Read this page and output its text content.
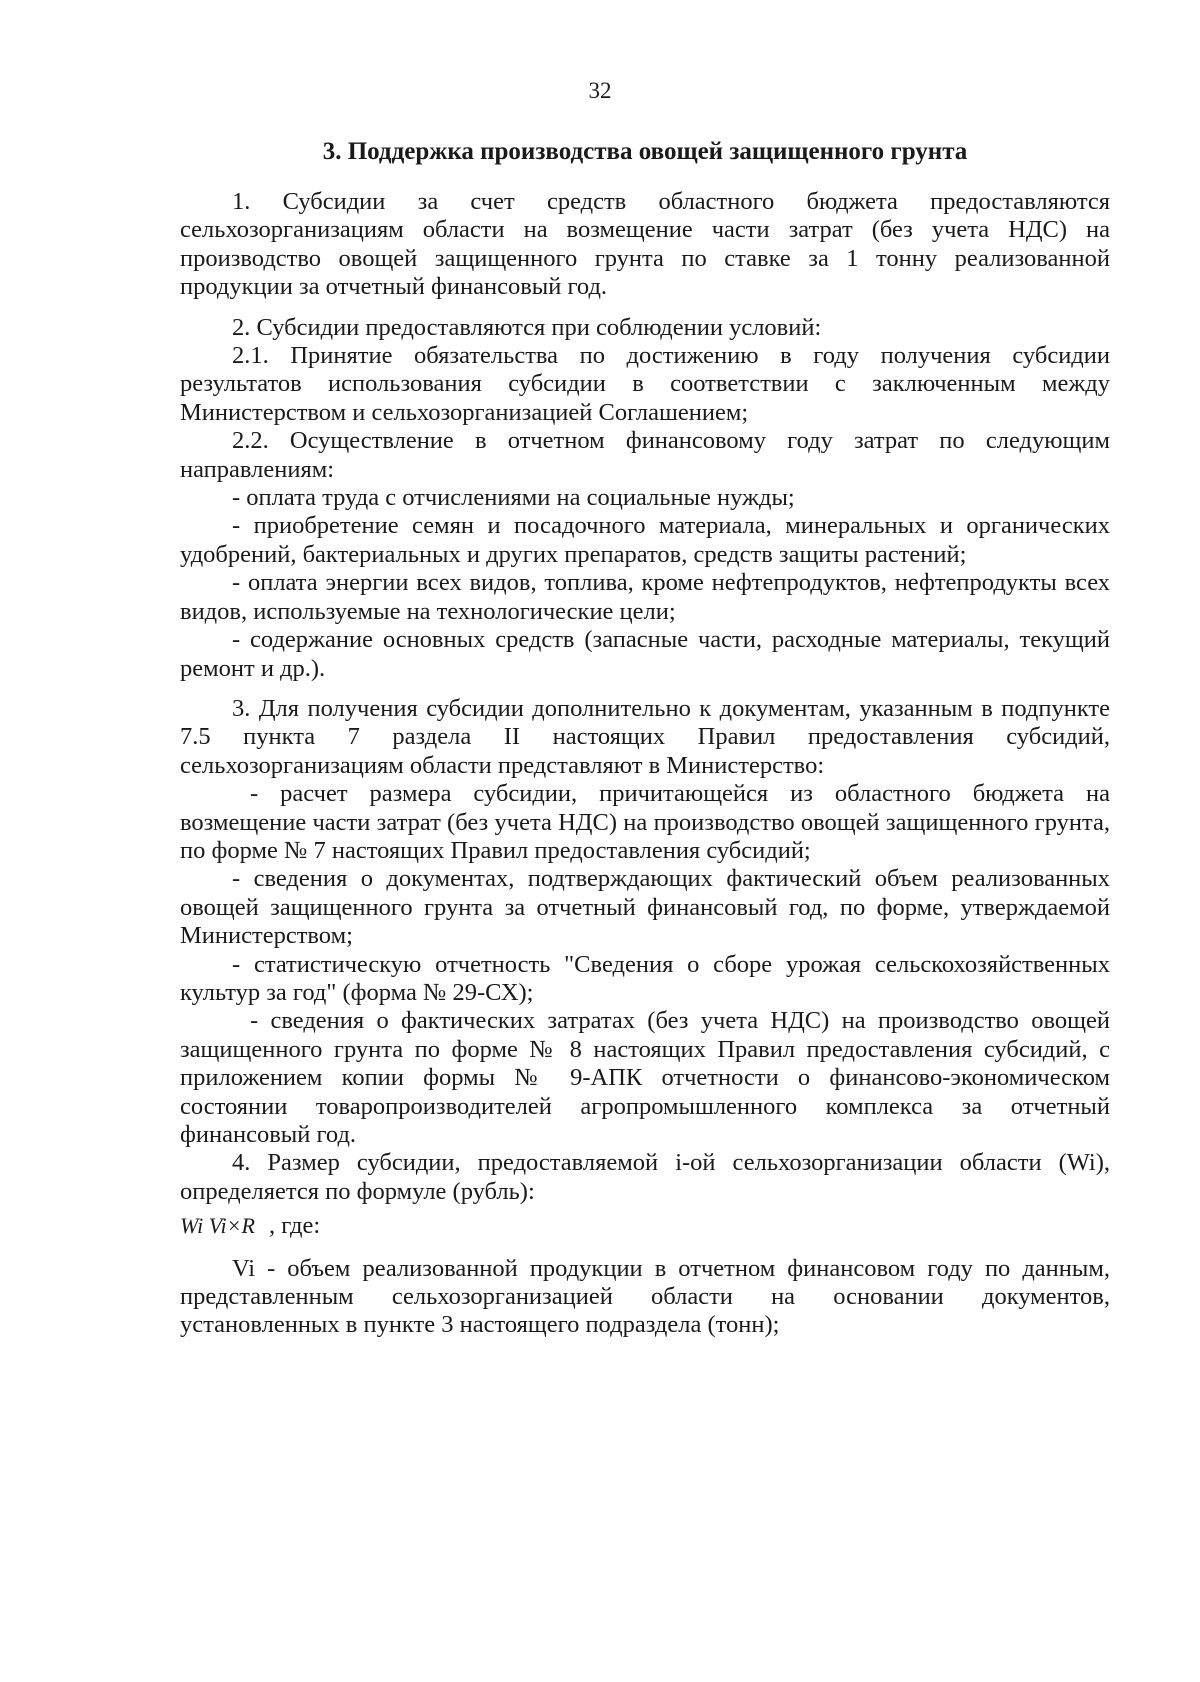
32
3. Поддержка производства овощей защищенного грунта

1. Субсидии за счет средств областного бюджета предоставляются сельхозорганизациям области на возмещение части затрат (без учета НДС) на производство овощей защищенного грунта по ставке за 1 тонну реализованной продукции за отчетный финансовый год.

2. Субсидии предоставляются при соблюдении условий:

2.1. Принятие обязательства по достижению в году получения субсидии результатов использования субсидии в соответствии с заключенным между Министерством и сельхозорганизацией Соглашением;

2.2. Осуществление в отчетном финансовому году затрат по следующим направлениям:

- оплата труда с отчислениями на социальные нужды;

- приобретение семян и посадочного материала, минеральных и органических удобрений, бактериальных и других препаратов, средств защиты растений;

- оплата энергии всех видов, топлива, кроме нефтепродуктов, нефтепродукты всех видов, используемые на технологические цели;

- содержание основных средств (запасные части, расходные материалы, текущий ремонт и др.).

3. Для получения субсидии дополнительно к документам, указанным в подпункте 7.5 пункта 7 раздела II настоящих Правил предоставления субсидий, сельхозорганизациям области представляют в Министерство:

- расчет размера субсидии, причитающейся из областного бюджета на возмещение части затрат (без учета НДС) на производство овощей защищенного грунта, по форме № 7 настоящих Правил предоставления субсидий;

- сведения о документах, подтверждающих фактический объем реализованных овощей защищенного грунта за отчетный финансовый год, по форме, утверждаемой Министерством;

- статистическую отчетность "Сведения о сборе урожая сельскохозяйственных культур за год" (форма № 29-СХ);

- сведения о фактических затратах (без учета НДС) на производство овощей защищенного грунта по форме № 8 настоящих Правил предоставления субсидий, с приложением копии формы № 9-АПК отчетности о финансово-экономическом состоянии товаропроизводителей агропромышленного комплекса за отчетный финансовый год.

4. Размер субсидии, предоставляемой i-ой сельхозорганизации области (Wi), определяется по формуле (рубль):

Wi Vi×R , где:

Vi - объем реализованной продукции в отчетном финансовом году по данным, представленным сельхозорганизацией области на основании документов, установленных в пункте 3 настоящего подраздела (тонн);
